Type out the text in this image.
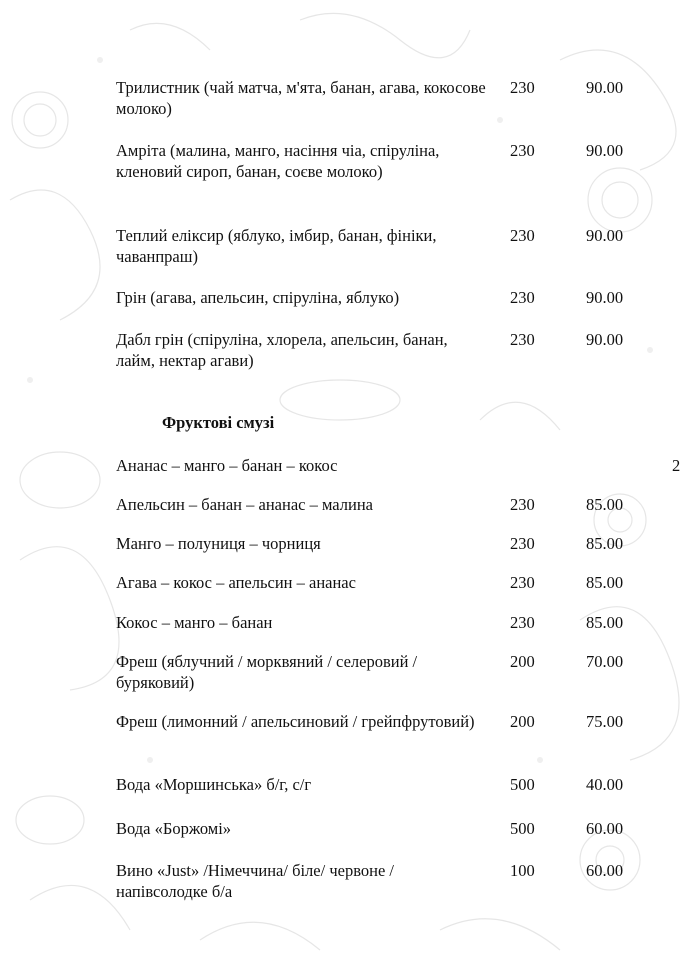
Трилистник (чай матча, м'ята, банан, агава, кокосове молоко)
230	90.00
Амріта (малина, манго, насіння чіа, спіруліна, кленовий сироп, банан, соєве молоко)
230	90.00
Теплий еліксир (яблуко, імбир, банан, фініки, чаванпраш)
230	90.00
Грін (агава, апельсин, спіруліна, яблуко)	230	90.00
Дабл грін (спіруліна, хлорела, апельсин, банан, лайм, нектар агави)
230	90.00
Фруктові смузі
Ананас – манго – банан – кокос	2
Апельсин – банан – ананас – малина	230	85.00
Манго – полуниця – чорниця	230	85.00
Агава – кокос – апельсин – ананас	230	85.00
Кокос – манго – банан	230	85.00
Фреш (яблучний / морквяний / селеровий / буряковий)
200	70.00
Фреш (лимонний / апельсиновий / грейпфрутовий)	200	75.00
Вода «Моршинська» б/г, с/г	500	40.00
Вода «Боржомі»	500	60.00
Вино «Just» /Німеччина/ біле/ червоне / напівсолодке б/а
100	60.00
